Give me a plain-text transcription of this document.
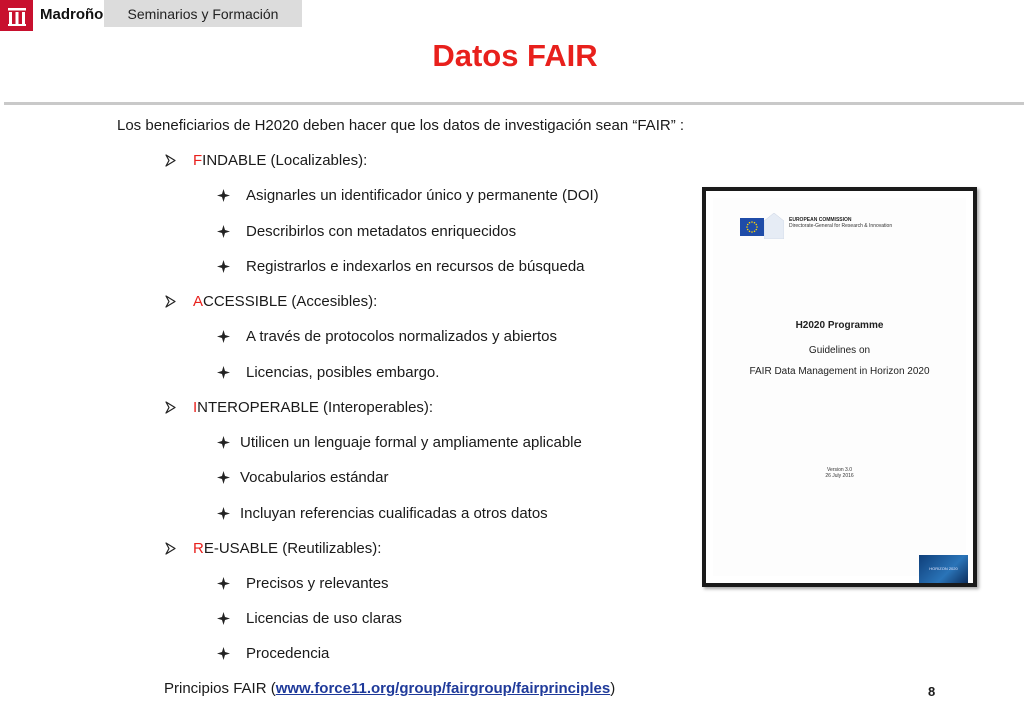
Madroño	Seminarios y Formación
Datos FAIR
Los beneficiarios de H2020 deben hacer que los datos de investigación sean “FAIR” :
FINDABLE (Localizables):
Asignarles un identificador único y permanente (DOI)
Describirlos con metadatos enriquecidos
Registrarlos e indexarlos en recursos de búsqueda
ACCESSIBLE (Accesibles):
A través de protocolos normalizados y abiertos
Licencias, posibles embargo.
INTEROPERABLE (Interoperables):
Utilicen un lenguaje formal y ampliamente aplicable
Vocabularios estándar
Incluyan referencias cualificadas a otros datos
RE-USABLE (Reutilizables):
Precisos y relevantes
Licencias de uso claras
Procedencia
Principios FAIR (www.force11.org/group/fairgroup/fairprinciples)	8
EUROPEAN COMMISSION
Directorate-General for Research & Innovation
H2020 Programme
Guidelines on
FAIR Data Management in Horizon 2020
Version 3.0
26 July 2016
HORIZON 2020
